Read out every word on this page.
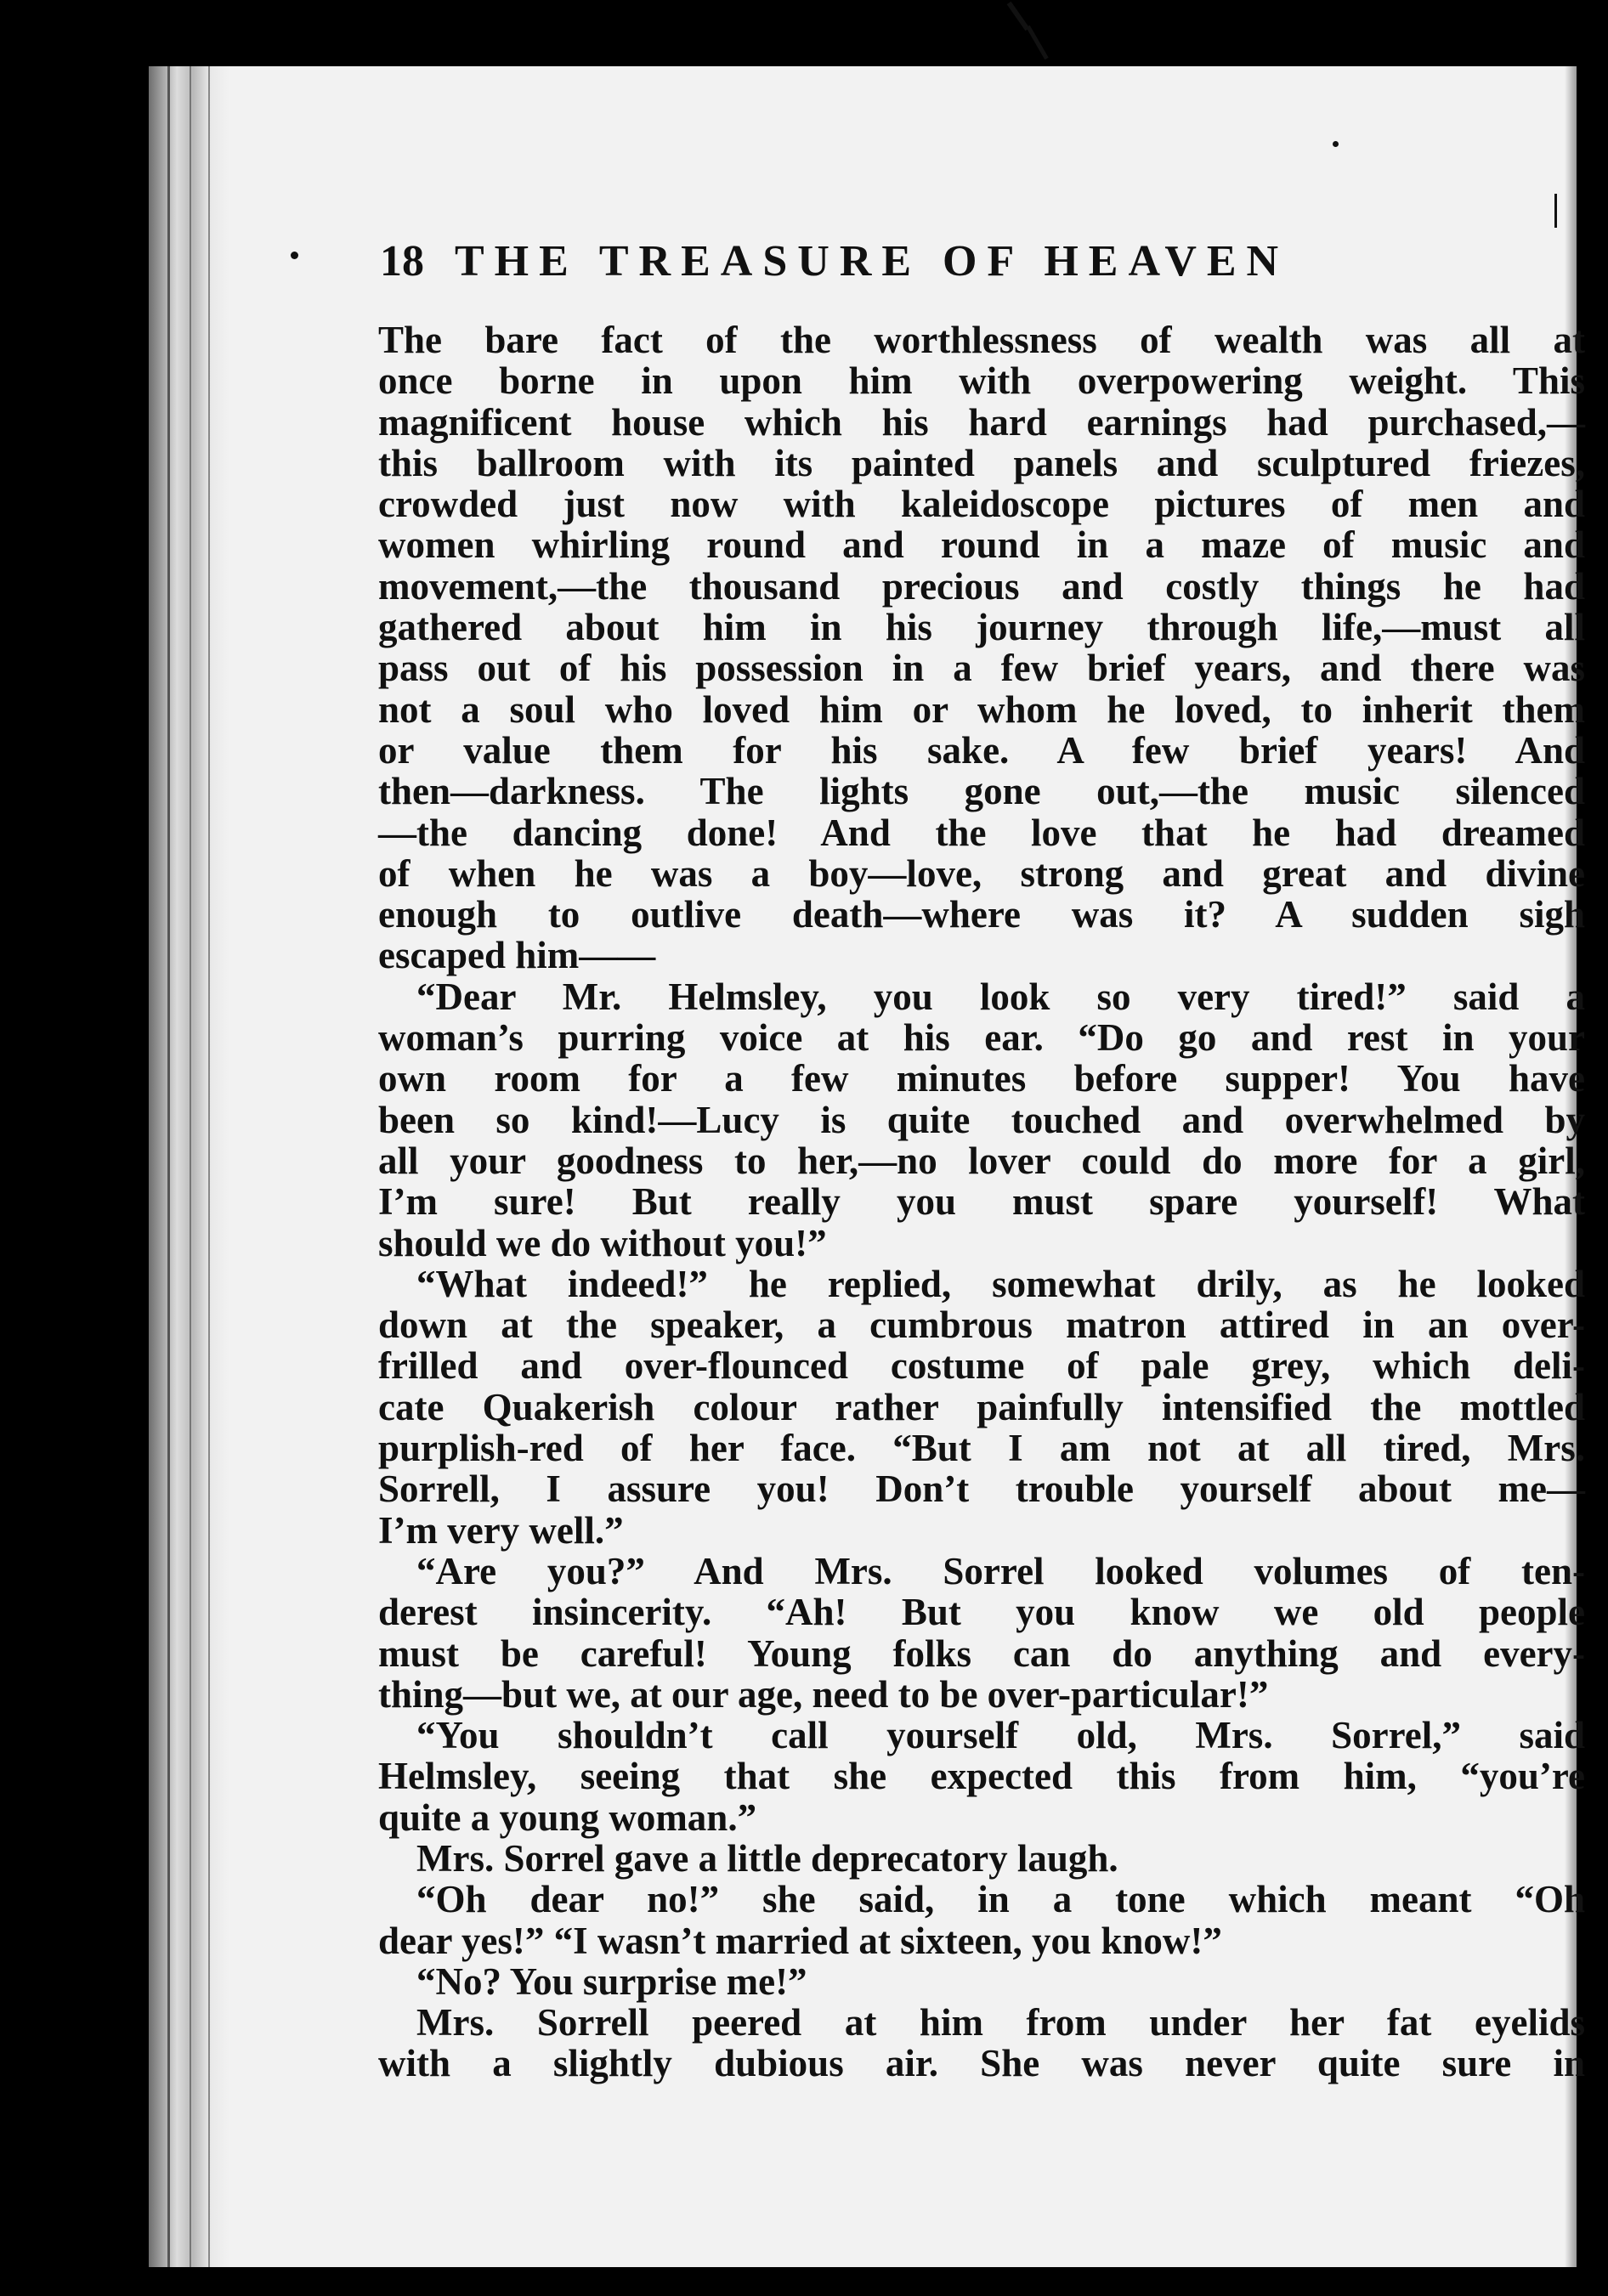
18 THE TREASURE OF HEAVEN
The bare fact of the worthlessness of wealth was all at
once borne in upon him with overpowering weight. This
magnificent house which his hard earnings had purchased,—
this ballroom with its painted panels and sculptured friezes,
crowded just now with kaleidoscope pictures of men and
women whirling round and round in a maze of music and
movement,—the thousand precious and costly things he had
gathered about him in his journey through life,—must all
pass out of his possession in a few brief years, and there was
not a soul who loved him or whom he loved, to inherit them
or value them for his sake. A few brief years! And
then—darkness. The lights gone out,—the music silenced
—the dancing done! And the love that he had dreamed
of when he was a boy—love, strong and great and divine
enough to outlive death—where was it? A sudden sigh
escaped him——
“Dear Mr. Helmsley, you look so very tired!” said a
woman’s purring voice at his ear. “Do go and rest in your
own room for a few minutes before supper! You have
been so kind!—Lucy is quite touched and overwhelmed by
all your goodness to her,—no lover could do more for a girl,
I’m sure! But really you must spare yourself! What
should we do without you!”
“What indeed!” he replied, somewhat drily, as he looked
down at the speaker, a cumbrous matron attired in an over-
frilled and over-flounced costume of pale grey, which deli-
cate Quakerish colour rather painfully intensified the mottled
purplish-red of her face. “But I am not at all tired, Mrs.
Sorrell, I assure you! Don’t trouble yourself about me—
I’m very well.”
“Are you?” And Mrs. Sorrel looked volumes of ten-
derest insincerity. “Ah! But you know we old people
must be careful! Young folks can do anything and every-
thing—but we, at our age, need to be over-particular!”
“You shouldn’t call yourself old, Mrs. Sorrel,” said
Helmsley, seeing that she expected this from him, “you’re
quite a young woman.”
Mrs. Sorrel gave a little deprecatory laugh.
“Oh dear no!” she said, in a tone which meant “Oh
dear yes!” “I wasn’t married at sixteen, you know!”
“No? You surprise me!”
Mrs. Sorrell peered at him from under her fat eyelids
with a slightly dubious air. She was never quite sure in
